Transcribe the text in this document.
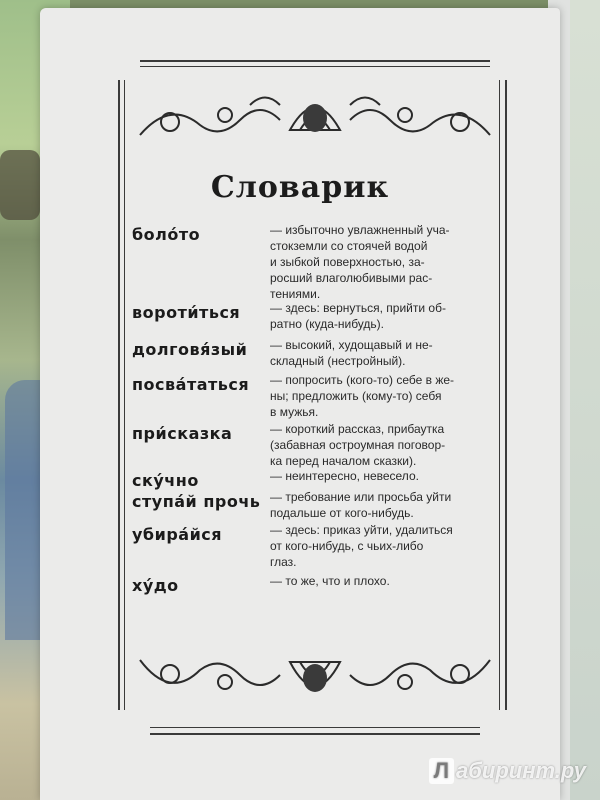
Словарик
боло́то	— избыточно увлажненный уча-
стокземли со стоячей водой
и зыбкой поверхностью, за-
росший влаголюбивыми рас-
тениями.
вороти́ться — здесь: вернуться, прийти об-
ратно (куда-нибудь).
долговя́зый — высокий, худощавый и не-
складный (нестройный).
посва́таться — попросить (кого-то) себе в же-
ны; предложить (кому-то) себя
в мужья.
при́сказка	— короткий рассказ, прибаутка
(забавная остроумная поговор-
ка перед началом сказки).
ску́чно	— неинтересно, невесело.
ступа́й прочь — требование или просьба уйти
подальше от кого-нибудь.
убира́йся	— здесь: приказ уйти, удалиться
от кого-нибудь, с чьих-либо
глаз.
ху́до	— то же, что и плохо.
Л абиринт.ру
